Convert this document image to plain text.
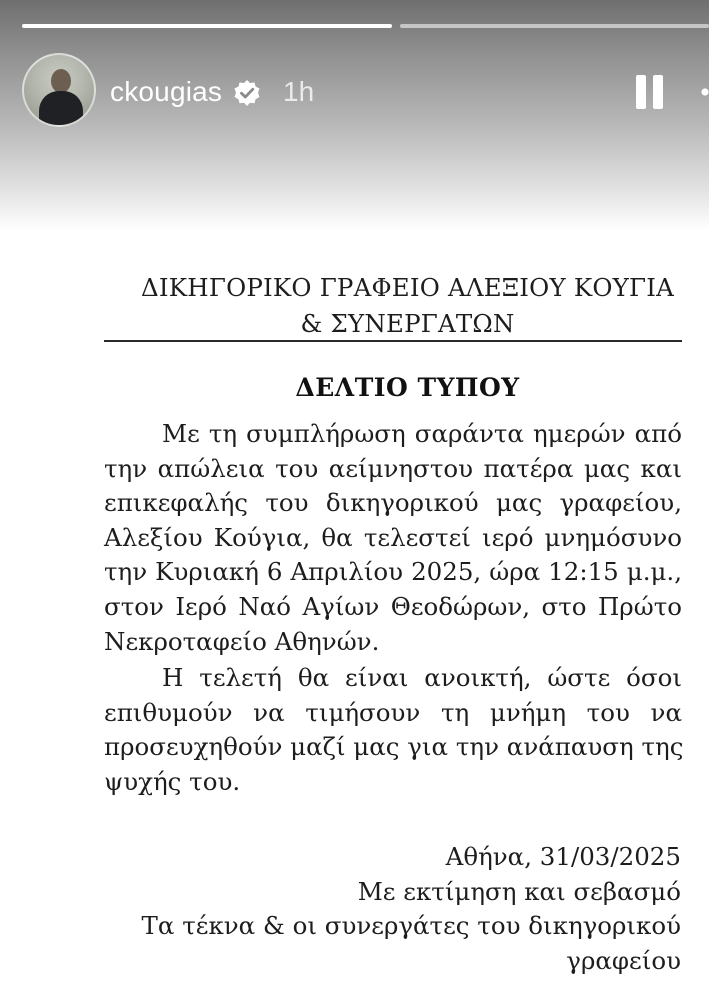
ckougias 1h
ΔΙΚΗΓΟΡΙΚΟ ΓΡΑΦΕΙΟ ΑΛΕΞΙΟΥ ΚΟΥΓΙΑ
& ΣΥΝΕΡΓΑΤΩΝ
ΔΕΛΤΙΟ ΤΥΠΟΥ
Με τη συμπλήρωση σαράντα ημερών από
την απώλεια του αείμνηστου πατέρα μας και
επικεφαλής του δικηγορικού μας γραφείου,
Αλεξίου Κούγια, θα τελεστεί ιερό μνημόσυνο
την Κυριακή 6 Απριλίου 2025, ώρα 12:15 μ.μ.,
στον Ιερό Ναό Αγίων Θεοδώρων, στο Πρώτο
Νεκροταφείο Αθηνών.
Η τελετή θα είναι ανοικτή, ώστε όσοι
επιθυμούν να τιμήσουν τη μνήμη του να
προσευχηθούν μαζί μας για την ανάπαυση της
ψυχής του.
Αθήνα, 31/03/2025
Με εκτίμηση και σεβασμό
Τα τέκνα & οι συνεργάτες του δικηγορικού
γραφείου
